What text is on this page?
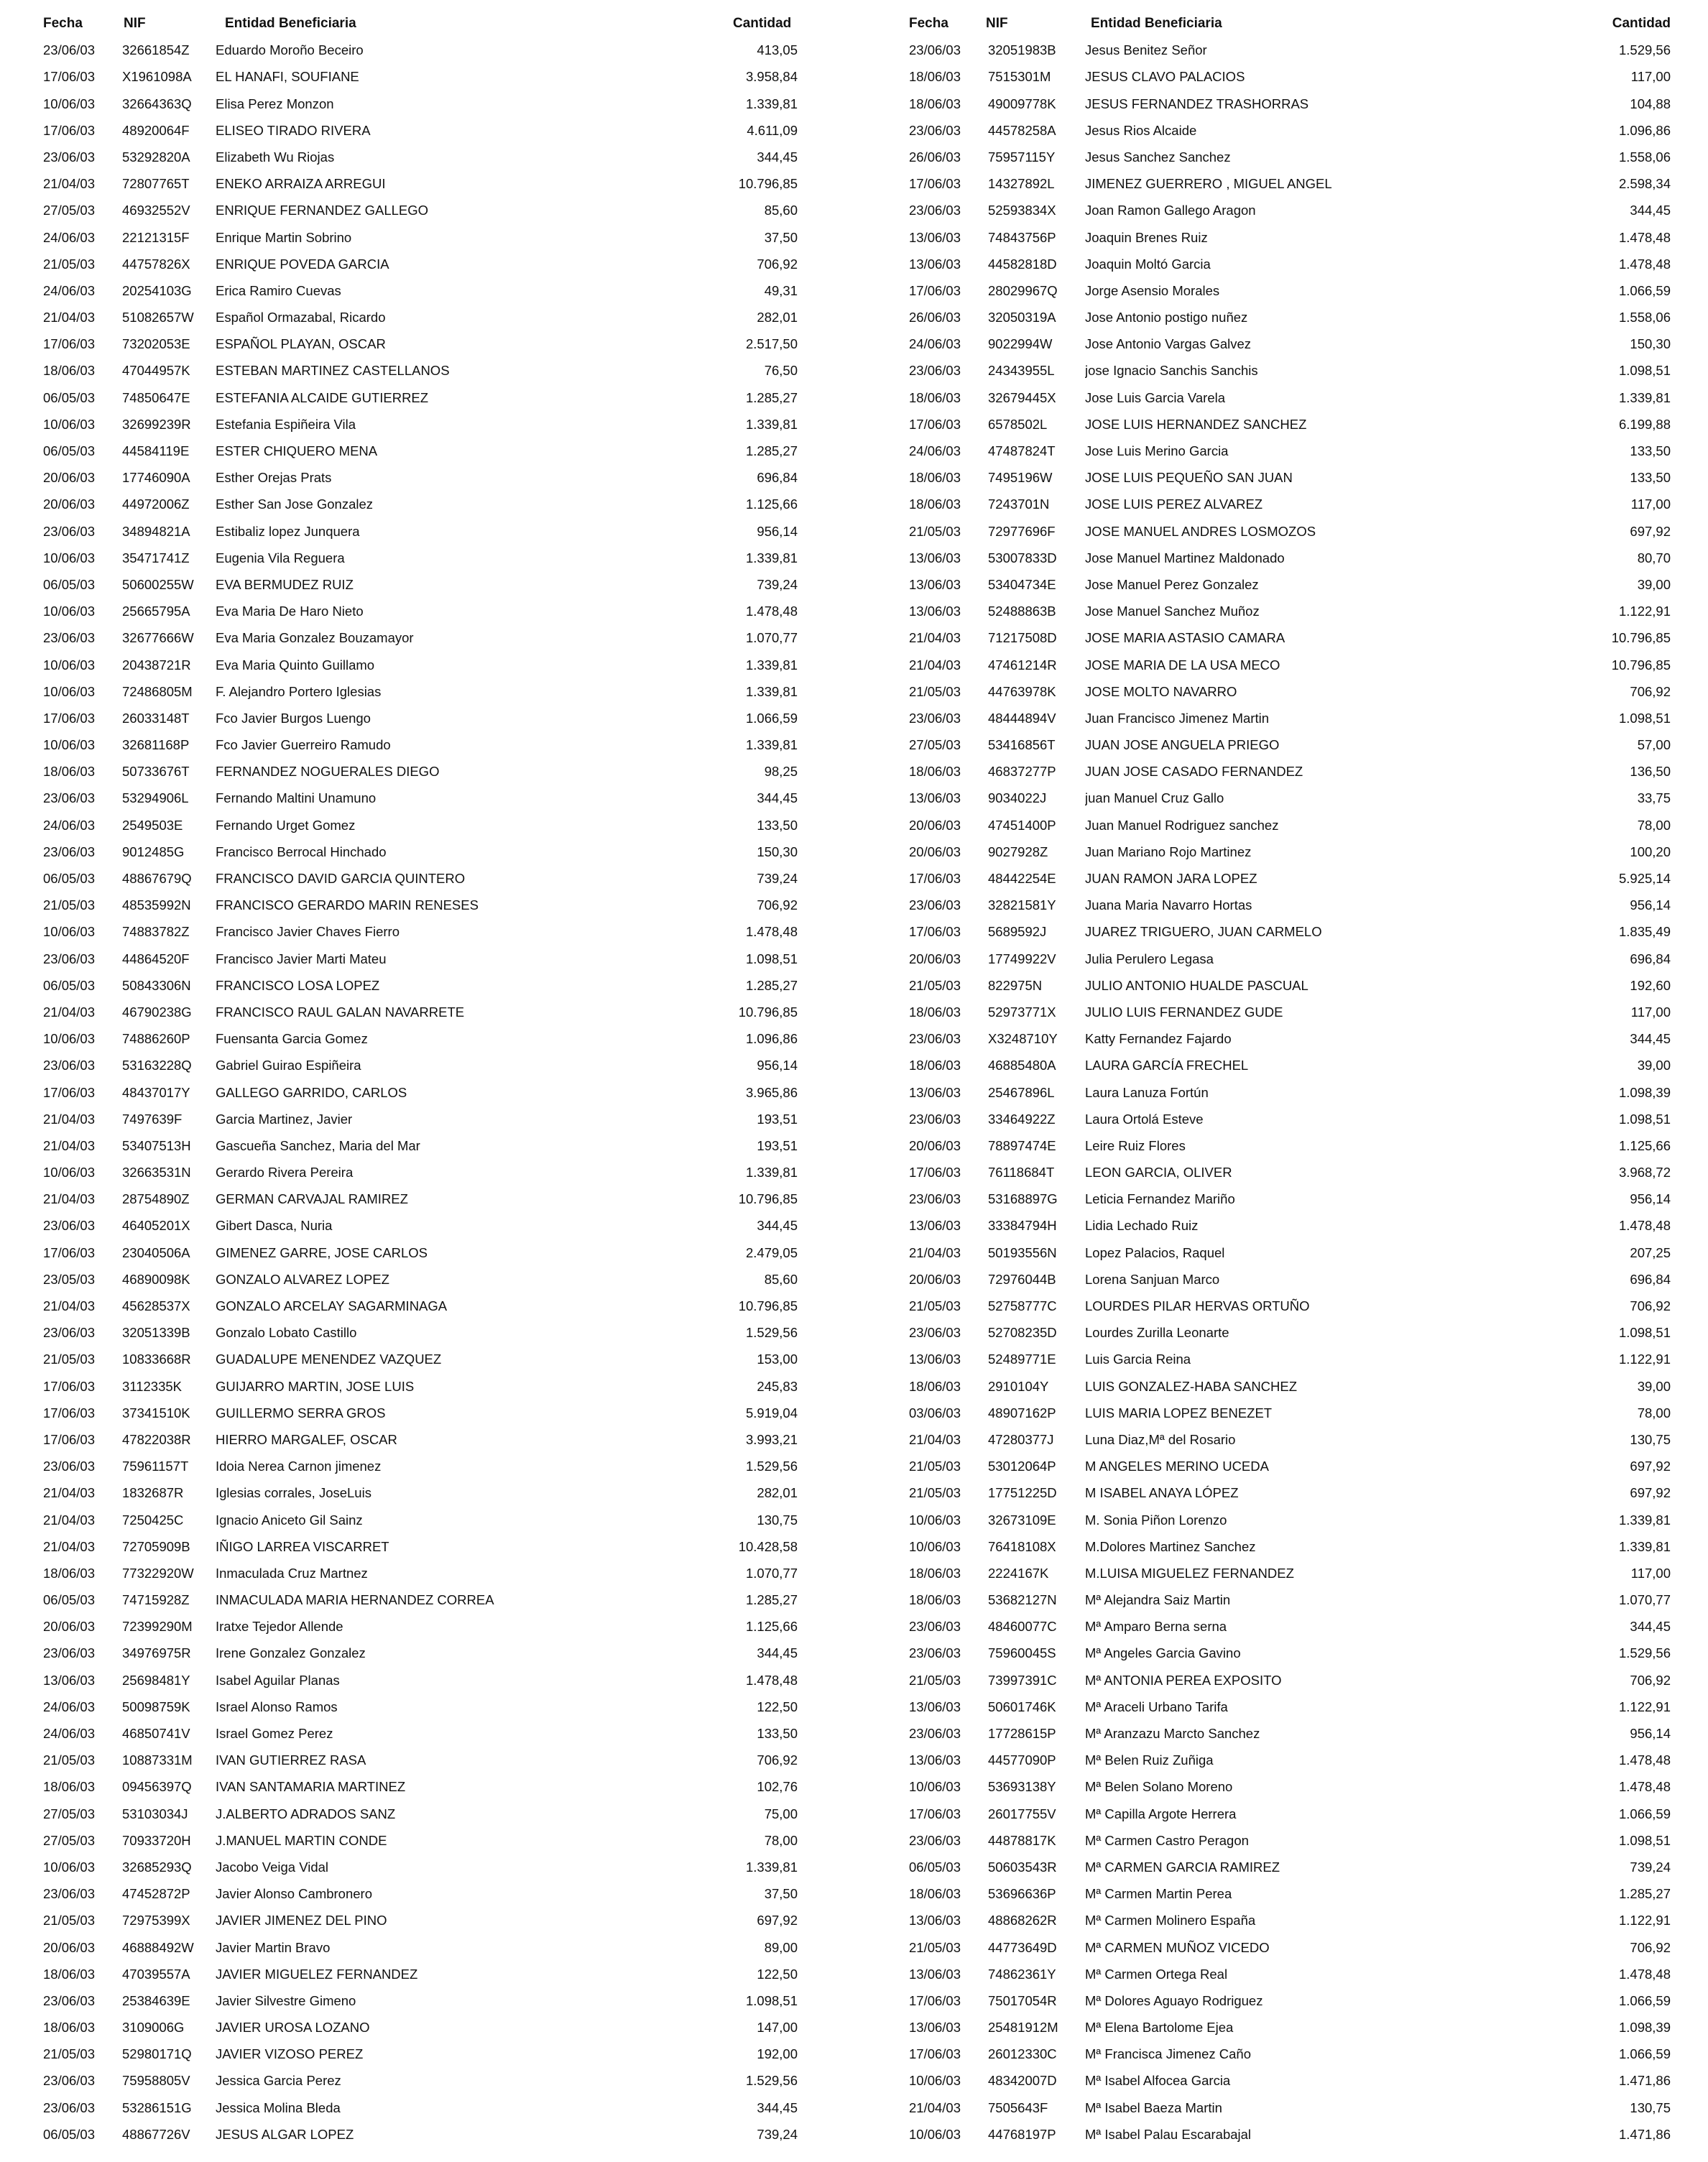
Fecha	NIF	Entidad Beneficiaria	Cantidad
23/06/03	32661854Z	Eduardo Moroño Beceiro	413,05
17/06/03	X1961098A	EL HANAFI, SOUFIANE	3.958,84
10/06/03	32664363Q	Elisa Perez Monzon	1.339,81
17/06/03	48920064F	ELISEO TIRADO RIVERA	4.611,09
23/06/03	53292820A	Elizabeth Wu Riojas	344,45
21/04/03	72807765T	ENEKO ARRAIZA ARREGUI	10.796,85
27/05/03	46932552V	ENRIQUE FERNANDEZ GALLEGO	85,60
24/06/03	22121315F	Enrique Martin Sobrino	37,50
21/05/03	44757826X	ENRIQUE POVEDA GARCIA	706,92
24/06/03	20254103G	Erica Ramiro Cuevas	49,31
21/04/03	51082657W	Español Ormazabal, Ricardo	282,01
17/06/03	73202053E	ESPAÑOL PLAYAN, OSCAR	2.517,50
18/06/03	47044957K	ESTEBAN MARTINEZ CASTELLANOS	76,50
06/05/03	74850647E	ESTEFANIA ALCAIDE GUTIERREZ	1.285,27
10/06/03	32699239R	Estefania Espiñeira Vila	1.339,81
06/05/03	44584119E	ESTER CHIQUERO MENA	1.285,27
20/06/03	17746090A	Esther Orejas Prats	696,84
20/06/03	44972006Z	Esther San Jose Gonzalez	1.125,66
23/06/03	34894821A	Estibaliz lopez Junquera	956,14
10/06/03	35471741Z	Eugenia Vila Reguera	1.339,81
06/05/03	50600255W	EVA BERMUDEZ RUIZ	739,24
10/06/03	25665795A	Eva Maria De Haro Nieto	1.478,48
23/06/03	32677666W	Eva Maria Gonzalez Bouzamayor	1.070,77
10/06/03	20438721R	Eva Maria Quinto Guillamo	1.339,81
10/06/03	72486805M	F. Alejandro Portero Iglesias	1.339,81
17/06/03	26033148T	Fco Javier Burgos Luengo	1.066,59
10/06/03	32681168P	Fco Javier Guerreiro Ramudo	1.339,81
18/06/03	50733676T	FERNANDEZ NOGUERALES DIEGO	98,25
23/06/03	53294906L	Fernando Maltini Unamuno	344,45
24/06/03	2549503E	Fernando Urget Gomez	133,50
23/06/03	9012485G	Francisco Berrocal Hinchado	150,30
06/05/03	48867679Q	FRANCISCO DAVID GARCIA QUINTERO	739,24
21/05/03	48535992N	FRANCISCO GERARDO MARIN RENESES	706,92
10/06/03	74883782Z	Francisco Javier Chaves Fierro	1.478,48
23/06/03	44864520F	Francisco Javier Marti Mateu	1.098,51
06/05/03	50843306N	FRANCISCO LOSA LOPEZ	1.285,27
21/04/03	46790238G	FRANCISCO RAUL GALAN NAVARRETE	10.796,85
10/06/03	74886260P	Fuensanta Garcia Gomez	1.096,86
23/06/03	53163228Q	Gabriel Guirao Espiñeira	956,14
17/06/03	48437017Y	GALLEGO GARRIDO, CARLOS	3.965,86
21/04/03	7497639F	Garcia Martinez, Javier	193,51
21/04/03	53407513H	Gascueña Sanchez, Maria del Mar	193,51
10/06/03	32663531N	Gerardo Rivera Pereira	1.339,81
21/04/03	28754890Z	GERMAN CARVAJAL RAMIREZ	10.796,85
23/06/03	46405201X	Gibert Dasca, Nuria	344,45
17/06/03	23040506A	GIMENEZ GARRE, JOSE CARLOS	2.479,05
23/05/03	46890098K	GONZALO ALVAREZ LOPEZ	85,60
21/04/03	45628537X	GONZALO ARCELAY SAGARMINAGA	10.796,85
23/06/03	32051339B	Gonzalo Lobato Castillo	1.529,56
21/05/03	10833668R	GUADALUPE MENENDEZ VAZQUEZ	153,00
17/06/03	3112335K	GUIJARRO MARTIN, JOSE LUIS	245,83
17/06/03	37341510K	GUILLERMO SERRA GROS	5.919,04
17/06/03	47822038R	HIERRO MARGALEF, OSCAR	3.993,21
23/06/03	75961157T	Idoia Nerea Carnon jimenez	1.529,56
21/04/03	1832687R	Iglesias corrales, JoseLuis	282,01
21/04/03	7250425C	Ignacio Aniceto Gil Sainz	130,75
21/04/03	72705909B	IÑIGO LARREA VISCARRET	10.428,58
18/06/03	77322920W	Inmaculada Cruz Martnez	1.070,77
06/05/03	74715928Z	INMACULADA MARIA HERNANDEZ CORREA	1.285,27
20/06/03	72399290M	Iratxe Tejedor Allende	1.125,66
23/06/03	34976975R	Irene Gonzalez Gonzalez	344,45
13/06/03	25698481Y	Isabel Aguilar Planas	1.478,48
24/06/03	50098759K	Israel Alonso Ramos	122,50
24/06/03	46850741V	Israel Gomez Perez	133,50
21/05/03	10887331M	IVAN GUTIERREZ RASA	706,92
18/06/03	09456397Q	IVAN SANTAMARIA MARTINEZ	102,76
27/05/03	53103034J	J.ALBERTO ADRADOS SANZ	75,00
27/05/03	70933720H	J.MANUEL MARTIN CONDE	78,00
10/06/03	32685293Q	Jacobo Veiga Vidal	1.339,81
23/06/03	47452872P	Javier Alonso Cambronero	37,50
21/05/03	72975399X	JAVIER JIMENEZ DEL PINO	697,92
20/06/03	46888492W	Javier Martin Bravo	89,00
18/06/03	47039557A	JAVIER MIGUELEZ FERNANDEZ	122,50
23/06/03	25384639E	Javier Silvestre Gimeno	1.098,51
18/06/03	3109006G	JAVIER UROSA LOZANO	147,00
21/05/03	52980171Q	JAVIER VIZOSO PEREZ	192,00
23/06/03	75958805V	Jessica Garcia Perez	1.529,56
23/06/03	53286151G	Jessica Molina Bleda	344,45
06/05/03	48867726V	JESUS ALGAR LOPEZ	739,24
Fecha	NIF	Entidad Beneficiaria	Cantidad
23/06/03	32051983B	Jesus Benitez Señor	1.529,56
18/06/03	7515301M	JESUS CLAVO PALACIOS	117,00
18/06/03	49009778K	JESUS FERNANDEZ TRASHORRAS	104,88
23/06/03	44578258A	Jesus Rios Alcaide	1.096,86
26/06/03	75957115Y	Jesus Sanchez Sanchez	1.558,06
17/06/03	14327892L	JIMENEZ GUERRERO , MIGUEL ANGEL	2.598,34
23/06/03	52593834X	Joan Ramon Gallego Aragon	344,45
13/06/03	74843756P	Joaquin Brenes Ruiz	1.478,48
13/06/03	44582818D	Joaquin Moltó Garcia	1.478,48
17/06/03	28029967Q	Jorge Asensio Morales	1.066,59
26/06/03	32050319A	Jose Antonio postigo nuñez	1.558,06
24/06/03	9022994W	Jose Antonio Vargas Galvez	150,30
23/06/03	24343955L	jose Ignacio Sanchis Sanchis	1.098,51
18/06/03	32679445X	Jose Luis Garcia Varela	1.339,81
17/06/03	6578502L	JOSE LUIS HERNANDEZ SANCHEZ	6.199,88
24/06/03	47487824T	Jose Luis Merino Garcia	133,50
18/06/03	7495196W	JOSE LUIS PEQUEÑO SAN JUAN	133,50
18/06/03	7243701N	JOSE LUIS PEREZ ALVAREZ	117,00
21/05/03	72977696F	JOSE MANUEL ANDRES LOSMOZOS	697,92
13/06/03	53007833D	Jose Manuel Martinez Maldonado	80,70
13/06/03	53404734E	Jose Manuel Perez Gonzalez	39,00
13/06/03	52488863B	Jose Manuel Sanchez Muñoz	1.122,91
21/04/03	71217508D	JOSE MARIA ASTASIO CAMARA	10.796,85
21/04/03	47461214R	JOSE MARIA DE LA USA MECO	10.796,85
21/05/03	44763978K	JOSE MOLTO NAVARRO	706,92
23/06/03	48444894V	Juan Francisco Jimenez Martin	1.098,51
27/05/03	53416856T	JUAN JOSE ANGUELA PRIEGO	57,00
18/06/03	46837277P	JUAN JOSE CASADO FERNANDEZ	136,50
13/06/03	9034022J	juan Manuel Cruz Gallo	33,75
20/06/03	47451400P	Juan Manuel Rodriguez sanchez	78,00
20/06/03	9027928Z	Juan Mariano Rojo Martinez	100,20
17/06/03	48442254E	JUAN RAMON JARA LOPEZ	5.925,14
23/06/03	32821581Y	Juana Maria Navarro Hortas	956,14
17/06/03	5689592J	JUAREZ TRIGUERO, JUAN CARMELO	1.835,49
20/06/03	17749922V	Julia Perulero Legasa	696,84
21/05/03	822975N	JULIO ANTONIO HUALDE PASCUAL	192,60
18/06/03	52973771X	JULIO LUIS FERNANDEZ GUDE	117,00
23/06/03	X3248710Y	Katty Fernandez Fajardo	344,45
18/06/03	46885480A	LAURA GARCÍA FRECHEL	39,00
13/06/03	25467896L	Laura Lanuza Fortún	1.098,39
23/06/03	33464922Z	Laura Ortolá Esteve	1.098,51
20/06/03	78897474E	Leire Ruiz Flores	1.125,66
17/06/03	76118684T	LEON GARCIA, OLIVER	3.968,72
23/06/03	53168897G	Leticia Fernandez Mariño	956,14
13/06/03	33384794H	Lidia Lechado Ruiz	1.478,48
21/04/03	50193556N	Lopez Palacios, Raquel	207,25
20/06/03	72976044B	Lorena Sanjuan Marco	696,84
21/05/03	52758777C	LOURDES PILAR HERVAS ORTUÑO	706,92
23/06/03	52708235D	Lourdes Zurilla Leonarte	1.098,51
13/06/03	52489771E	Luis Garcia Reina	1.122,91
18/06/03	2910104Y	LUIS GONZALEZ-HABA SANCHEZ	39,00
03/06/03	48907162P	LUIS MARIA LOPEZ BENEZET	78,00
21/04/03	47280377J	Luna Diaz,Mª del Rosario	130,75
21/05/03	53012064P	M ANGELES MERINO UCEDA	697,92
21/05/03	17751225D	M ISABEL ANAYA LÓPEZ	697,92
10/06/03	32673109E	M. Sonia Piñon Lorenzo	1.339,81
10/06/03	76418108X	M.Dolores Martinez Sanchez	1.339,81
18/06/03	2224167K	M.LUISA MIGUELEZ FERNANDEZ	117,00
18/06/03	53682127N	Mª Alejandra Saiz Martin	1.070,77
23/06/03	48460077C	Mª Amparo Berna serna	344,45
23/06/03	75960045S	Mª Angeles Garcia Gavino	1.529,56
21/05/03	73997391C	Mª ANTONIA PEREA EXPOSITO	706,92
13/06/03	50601746K	Mª Araceli Urbano Tarifa	1.122,91
23/06/03	17728615P	Mª Aranzazu Marcto Sanchez	956,14
13/06/03	44577090P	Mª Belen Ruiz Zuñiga	1.478,48
10/06/03	53693138Y	Mª Belen Solano Moreno	1.478,48
17/06/03	26017755V	Mª Capilla Argote Herrera	1.066,59
23/06/03	44878817K	Mª Carmen Castro Peragon	1.098,51
06/05/03	50603543R	Mª CARMEN GARCIA RAMIREZ	739,24
18/06/03	53696636P	Mª Carmen Martin Perea	1.285,27
13/06/03	48868262R	Mª Carmen Molinero España	1.122,91
21/05/03	44773649D	Mª CARMEN MUÑOZ VICEDO	706,92
13/06/03	74862361Y	Mª Carmen Ortega Real	1.478,48
17/06/03	75017054R	Mª Dolores Aguayo Rodriguez	1.066,59
13/06/03	25481912M	Mª Elena Bartolome Ejea	1.098,39
17/06/03	26012330C	Mª Francisca Jimenez Caño	1.066,59
10/06/03	48342007D	Mª Isabel Alfocea Garcia	1.471,86
21/04/03	7505643F	Mª Isabel Baeza Martin	130,75
10/06/03	44768197P	Mª Isabel Palau Escarabajal	1.471,86
